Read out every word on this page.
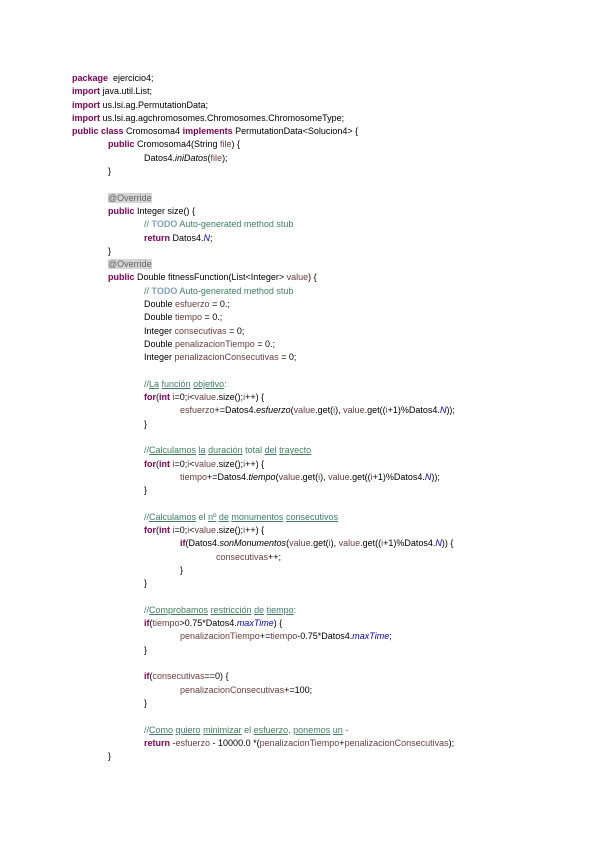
package  ejercicio4;
import java.util.List;
import us.lsi.ag.PermutationData;
import us.lsi.ag.agchromosomes.Chromosomes.ChromosomeType;
public class Cromosoma4 implements PermutationData<Solucion4> {
public Cromosoma4(String file) {
Datos4.iniDatos(file);
}
@Override
public Integer size() {
// TODO Auto-generated method stub
return Datos4.N;
}
@Override
public Double fitnessFunction(List<Integer> value) {
// TODO Auto-generated method stub
Double esfuerzo = 0.;
Double tiempo = 0.;
Integer consecutivas = 0;
Double penalizacionTiempo = 0.;
Integer penalizacionConsecutivas = 0;
//La función objetivo:
for(int i=0;i<value.size();i++) {
esfuerzo+=Datos4.esfuerzo(value.get(i), value.get((i+1)%Datos4.N));
}
//Calculamos la duración total del trayecto
for(int i=0;i<value.size();i++) {
tiempo+=Datos4.tiempo(value.get(i), value.get((i+1)%Datos4.N));
}
//Calculamos el nº de monumentos consecutivos
for(int i=0;i<value.size();i++) {
if(Datos4.sonMonumentos(value.get(i), value.get((i+1)%Datos4.N)) {
consecutivas++;
}
}
//Comprobamos restricción de tiempo:
if(tiempo>0.75*Datos4.maxTime) {
penalizacionTiempo+=tiempo-0.75*Datos4.maxTime;
}
if(consecutivas==0) {
penalizacionConsecutivas+=100;
}
//Como quiero minimizar el esfuerzo, ponemos un -
return -esfuerzo - 10000.0 *(penalizacionTiempo+penalizacionConsecutivas);
}
